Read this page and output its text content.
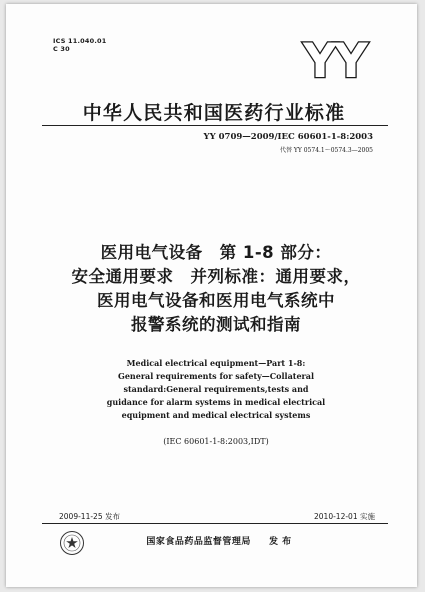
ICS 11.040.01
C 30	YY
中华人民共和国医药行业标准
YY 0709—2009/IEC 60601-1-8:2003
代替 YY 0574.1～0574.3—2005
医用电气设备　第 1-8 部分：
安全通用要求　并列标准：通用要求，
医用电气设备和医用电气系统中
报警系统的测试和指南
Medical electrical equipment—Part 1-8:
General requirements for safety—Collateral
standard:General requirements,tests and
guidance for alarm systems in medical electrical
equipment and medical electrical systems
(IEC 60601-1-8:2003,IDT)
2009-11-25 发布	2010-12-01 实施
国家食品药品监督管理局 发 布
